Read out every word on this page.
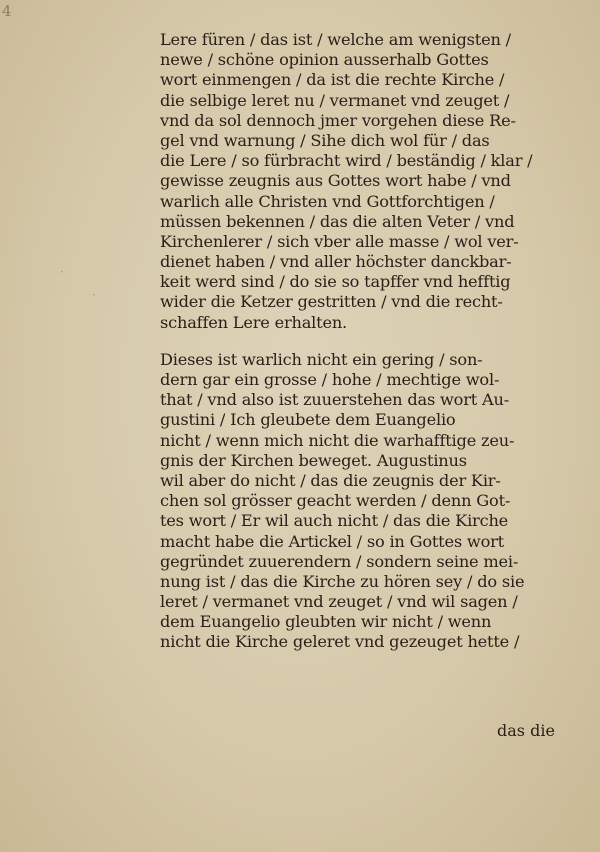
4
·
·
Lere füren / das ist / welche am wenigsten /
newe / schöne opinion ausserhalb Gottes
wort einmengen / da ist die rechte Kirche /
die selbige leret nu / vermanet vnd zeuget /
vnd da sol dennoch jmer vorgehen diese Re-
gel vnd warnung / Sihe dich wol für / das
die Lere / so fürbracht wird / beständig / klar /
gewisse zeugnis aus Gottes wort habe / vnd
warlich alle Christen vnd Gottforchtigen /
müssen bekennen / das die alten Veter / vnd
Kirchenlerer / sich vber alle masse / wol ver-
dienet haben / vnd aller höchster danckbar-
keit werd sind / do sie so tapffer vnd hefftig
wider die Ketzer gestritten / vnd die recht-
schaffen Lere erhalten.
Dieses ist warlich nicht ein gering / son-
dern gar ein grosse / hohe / mechtige wol-
that / vnd also ist zuuerstehen das wort Au-
gustini / Ich gleubete dem Euangelio
nicht / wenn mich nicht die warhafftige zeu-
gnis der Kirchen beweget. Augustinus
wil aber do nicht / das die zeugnis der Kir-
chen sol grösser geacht werden / denn Got-
tes wort / Er wil auch nicht / das die Kirche
macht habe die Artickel / so in Gottes wort
gegründet zuuerendern / sondern seine mei-
nung ist / das die Kirche zu hören sey / do sie
leret / vermanet vnd zeuget / vnd wil sagen /
dem Euangelio gleubten wir nicht / wenn
nicht die Kirche geleret vnd gezeuget hette /
das die
